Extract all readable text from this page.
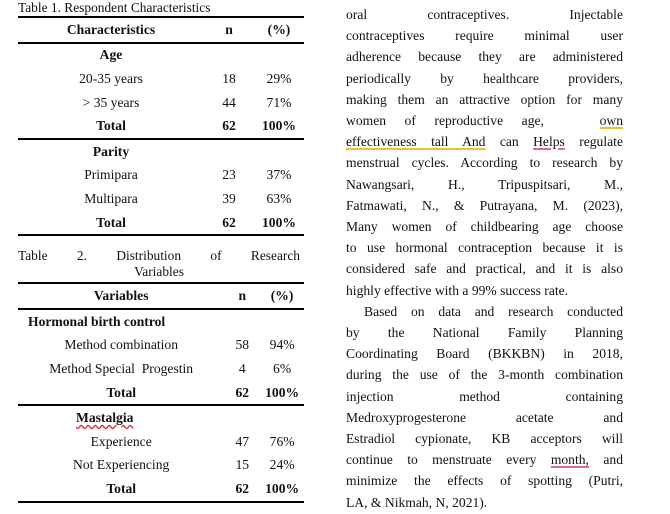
Table 1. Respondent Characteristics
Characteristics	n	(%)
Age		
20-35 years	18	29%
> 35 years	44	71%
Total	62	100%
Parity		
Primipara	23	37%
Multipara	39	63%
Total	62	100%
Table 2. Distribution of Research
Variables
Variables	n	(%)
Hormonal birth control		
Method combination	58	94%
Method Special  Progestin	4	6%
Total	62	100%
Mastalgia		
Experience	47	76%
Not Experiencing	15	24%
Total	62	100%
oral contraceptives. Injectable
contraceptives require minimal user
adherence because they are administered
periodically by healthcare providers,
making them an attractive option for many
women of reproductive age,	own
effectiveness tall And can Helps regulate
menstrual cycles. According to research by
Nawangsari, H., Tripuspitsari, M.,
Fatmawati, N., & Putrayana, M. (2023),
Many women of childbearing age choose
to use hormonal contraception because it is
considered safe and practical, and it is also
highly effective with a 99% success rate.
Based on data and research conducted
by the National Family Planning
Coordinating Board (BKKBN) in 2018,
during the use of the 3-month combination
injection method containing
Medroxyprogesterone acetate and
Estradiol cypionate, KB acceptors will
continue to menstruate every month, and
minimize the effects of spotting (Putri,
LA, & Nikmah, N, 2021).
